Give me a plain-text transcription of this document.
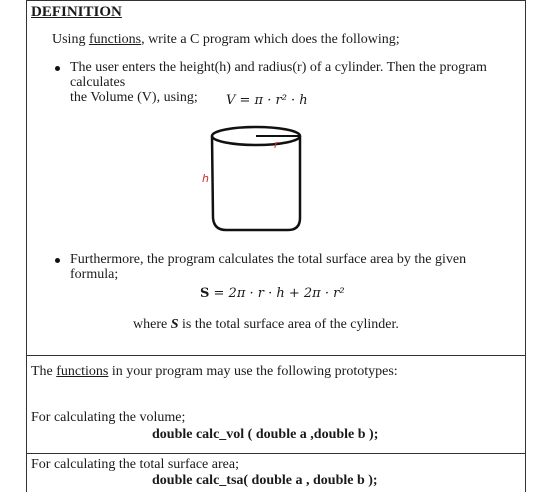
DEFINITION
Using functions, write a C program which does the following;
The user enters the height(h) and radius(r) of a cylinder. Then the program calculates
the Volume (V), using;	V = π · r² · h
r
h
Furthermore, the program calculates the total surface area by the given
formula;
S = 2π · r · h + 2π · r²
where S is the total surface area of the cylinder.
The functions in your program may use the following prototypes:
For calculating the volume;
double calc_vol ( double a ,double b );
For calculating the total surface area;
double calc_tsa( double a , double b );
